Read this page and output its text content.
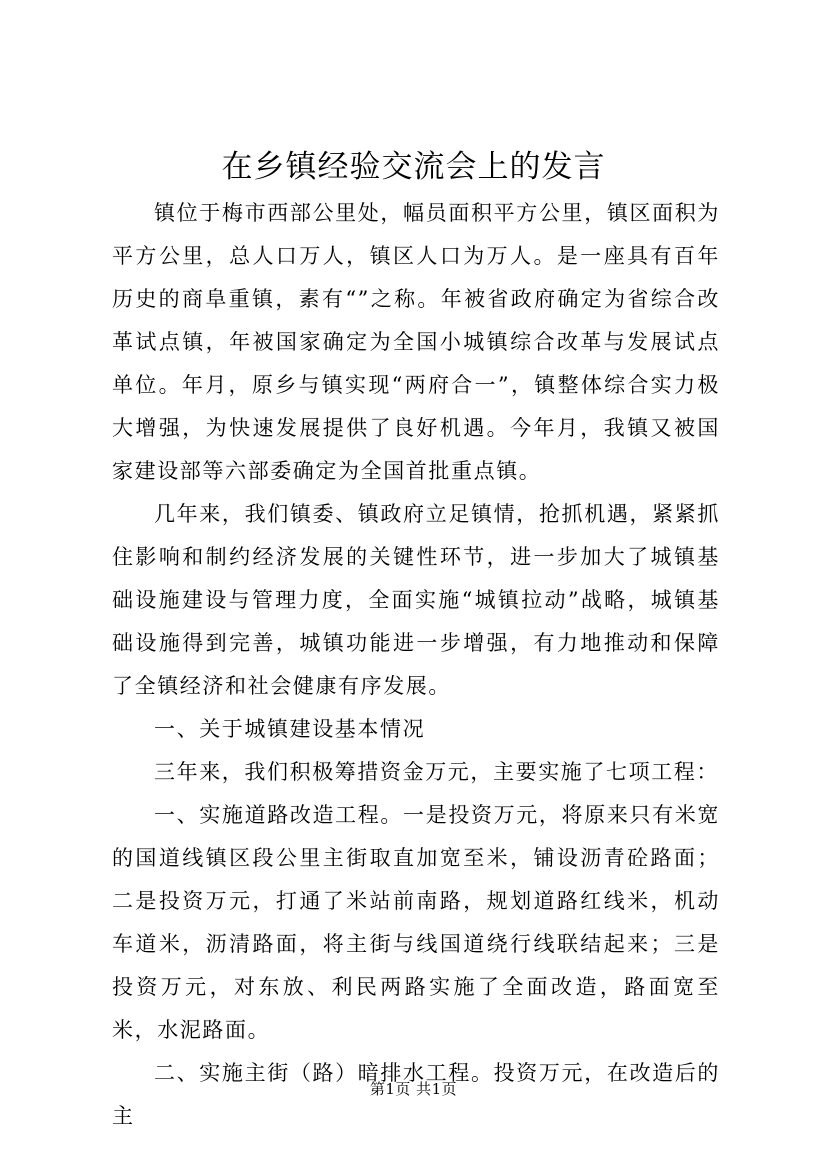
在乡镇经验交流会上的发言

镇位于梅市西部公里处，幅员面积平方公里，镇区面积为平方公里，总人口万人，镇区人口为万人。是一座具有百年历史的商阜重镇，素有“”之称。年被省政府确定为省综合改革试点镇，年被国家确定为全国小城镇综合改革与发展试点单位。年月，原乡与镇实现“两府合一”，镇整体综合实力极大增强，为快速发展提供了良好机遇。今年月，我镇又被国家建设部等六部委确定为全国首批重点镇。

几年来，我们镇委、镇政府立足镇情，抢抓机遇，紧紧抓住影响和制约经济发展的关键性环节，进一步加大了城镇基础设施建设与管理力度，全面实施“城镇拉动”战略，城镇基础设施得到完善，城镇功能进一步增强，有力地推动和保障了全镇经济和社会健康有序发展。

一、关于城镇建设基本情况

三年来，我们积极筹措资金万元，主要实施了七项工程：

一、实施道路改造工程。一是投资万元，将原来只有米宽的国道线镇区段公里主街取直加宽至米，铺设沥青砼路面；二是投资万元，打通了米站前南路，规划道路红线米，机动车道米，沥清路面，将主街与线国道绕行线联结起来；三是投资万元，对东放、利民两路实施了全面改造，路面宽至米，水泥路面。

二、实施主街（路）暗排水工程。投资万元，在改造后的主

第1页 共1页
